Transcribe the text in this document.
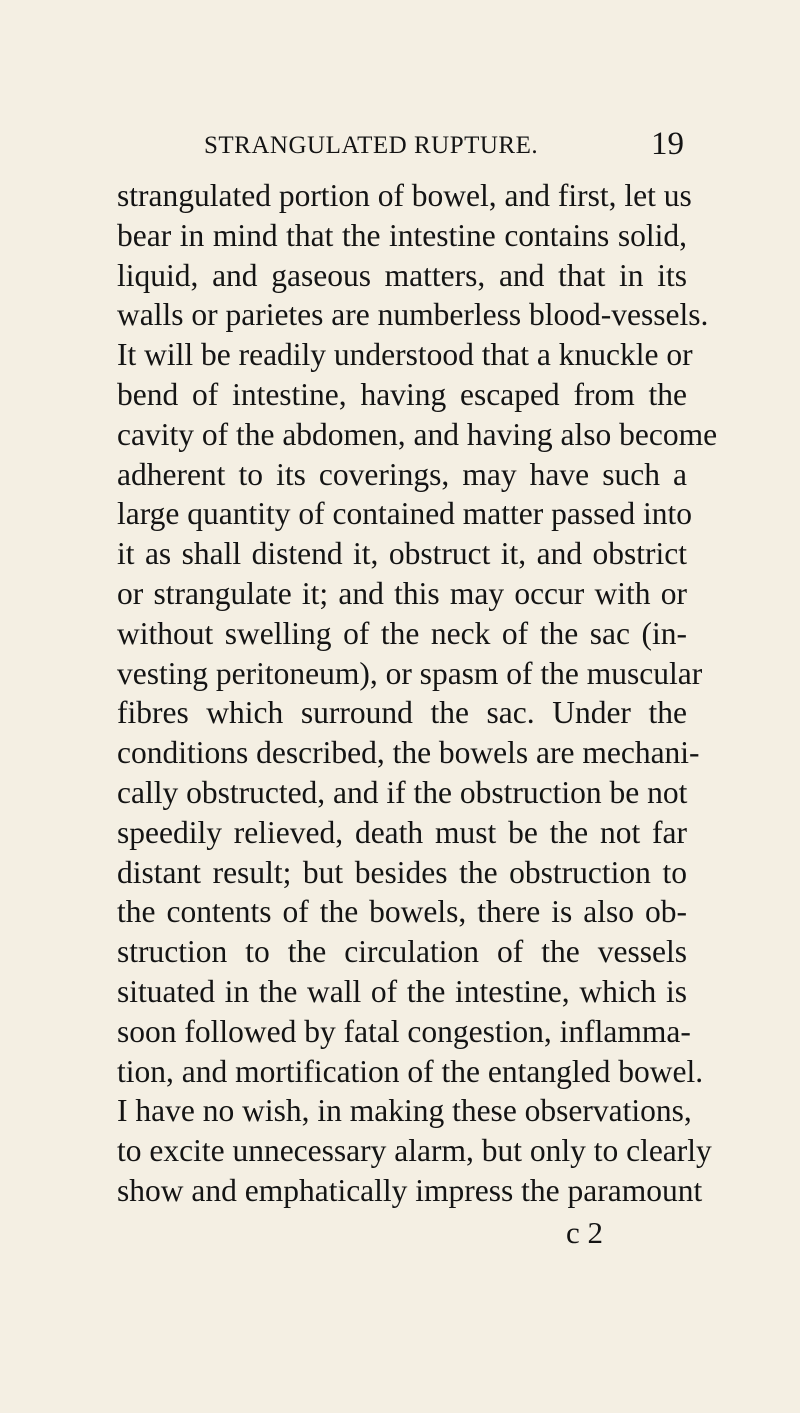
STRANGULATED RUPTURE.	19
strangulated portion of bowel, and first, let us
bear in mind that the intestine contains solid,
liquid, and gaseous matters, and that in its
walls or parietes are numberless blood-vessels.
It will be readily understood that a knuckle or
bend of intestine, having escaped from the
cavity of the abdomen, and having also become
adherent to its coverings, may have such a
large quantity of contained matter passed into
it as shall distend it, obstruct it, and obstrict
or strangulate it; and this may occur with or
without swelling of the neck of the sac (in-
vesting peritoneum), or spasm of the muscular
fibres which surround the sac. Under the
conditions described, the bowels are mechani-
cally obstructed, and if the obstruction be not
speedily relieved, death must be the not far
distant result; but besides the obstruction to
the contents of the bowels, there is also ob-
struction to the circulation of the vessels
situated in the wall of the intestine, which is
soon followed by fatal congestion, inflamma-
tion, and mortification of the entangled bowel.
I have no wish, in making these observations,
to excite unnecessary alarm, but only to clearly
show and emphatically impress the paramount
c 2
